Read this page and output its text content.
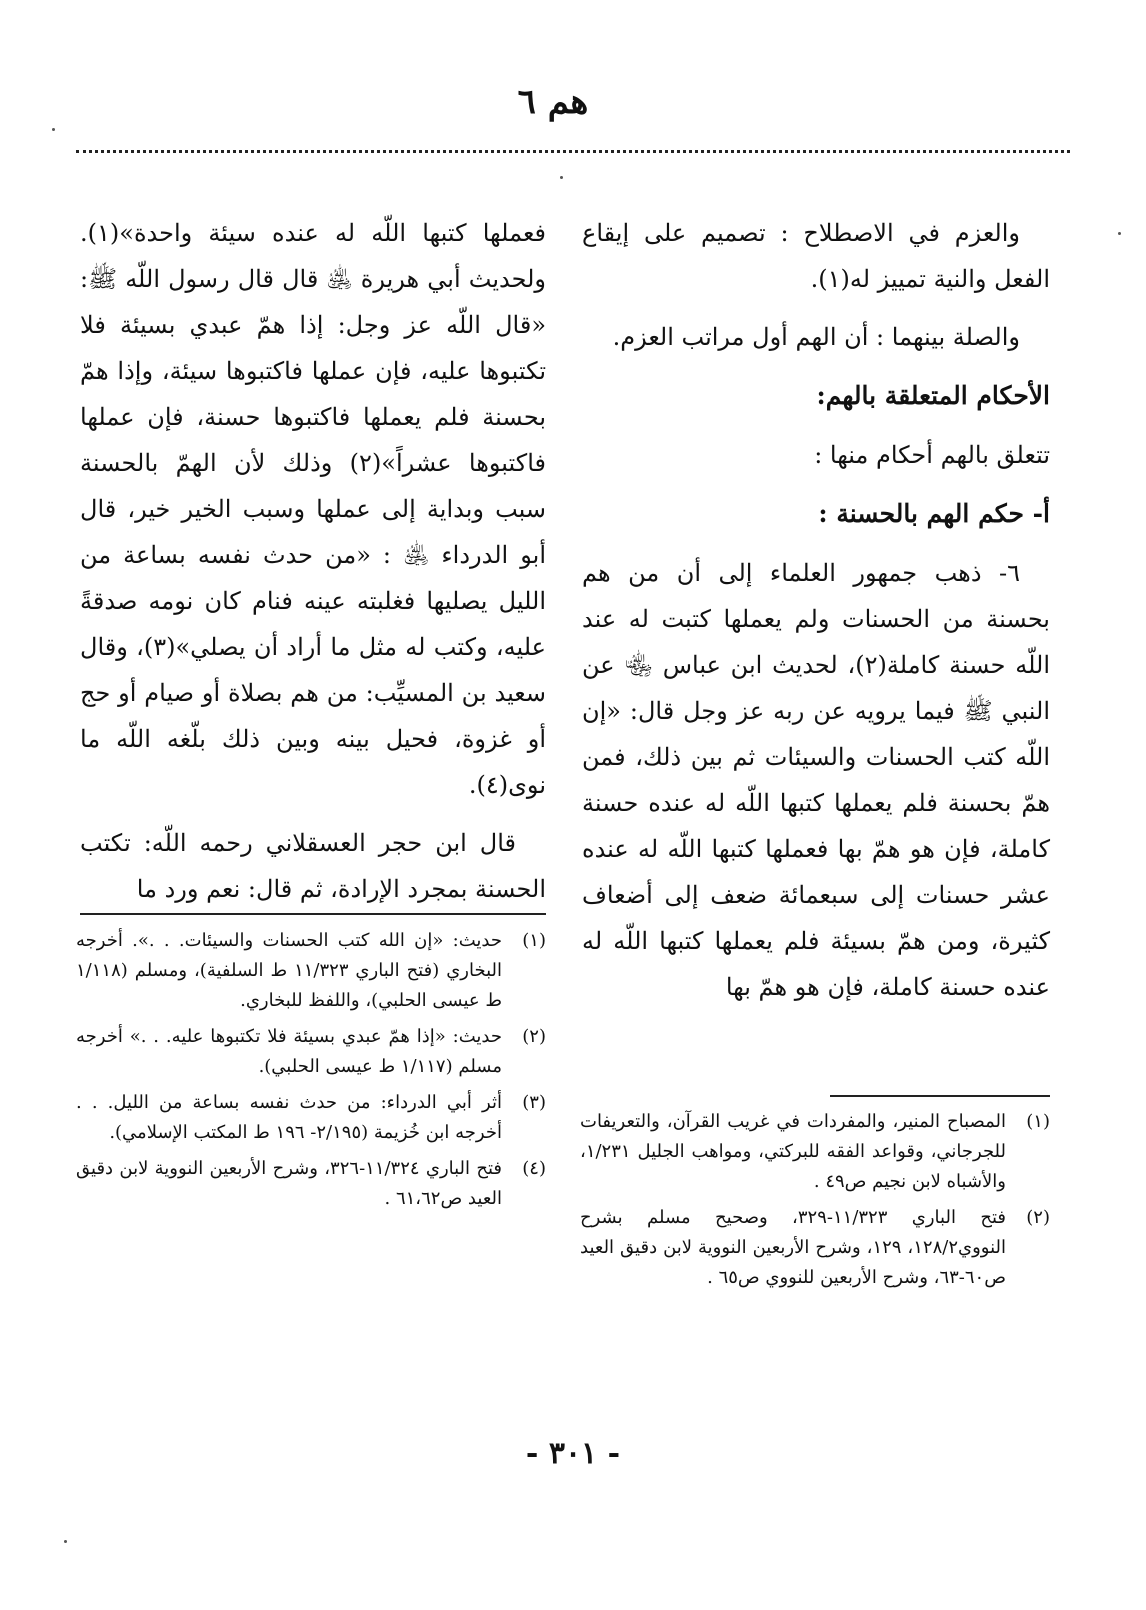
هم ٦

والعزم في الاصطلاح : تصميم على إيقاع الفعل والنية تمييز له(١).

والصلة بينهما : أن الهم أول مراتب العزم.

الأحكام المتعلقة بالهم:

تتعلق بالهم أحكام منها :

أ- حكم الهم بالحسنة :

٦- ذهب جمهور العلماء إلى أن من هم بحسنة من الحسنات ولم يعملها كتبت له عند اللّه حسنة كاملة(٢)، لحديث ابن عباس ﵄ عن النبي ﷺ فيما يرويه عن ربه عز وجل قال: «إن اللّه كتب الحسنات والسيئات ثم بين ذلك، فمن همّ بحسنة فلم يعملها كتبها اللّه له عنده حسنة كاملة، فإن هو همّ بها فعملها كتبها اللّه له عنده عشر حسنات إلى سبعمائة ضعف إلى أضعاف كثيرة، ومن همّ بسيئة فلم يعملها كتبها اللّه له عنده حسنة كاملة، فإن هو همّ بها

فعملها كتبها اللّه له عنده سيئة واحدة»(١). ولحديث أبي هريرة ﵁ قال قال رسول اللّه ﷺ: «قال اللّه عز وجل: إذا همّ عبدي بسيئة فلا تكتبوها عليه، فإن عملها فاكتبوها سيئة، وإذا همّ بحسنة فلم يعملها فاكتبوها حسنة، فإن عملها فاكتبوها عشراً»(٢) وذلك لأن الهمّ بالحسنة سبب وبداية إلى عملها وسبب الخير خير، قال أبو الدرداء ﵁ : «من حدث نفسه بساعة من الليل يصليها فغلبته عينه فنام كان نومه صدقةً عليه، وكتب له مثل ما أراد أن يصلي»(٣)، وقال سعيد بن المسيِّب: من هم بصلاة أو صيام أو حج أو غزوة، فحيل بينه وبين ذلك بلّغه اللّه ما نوى(٤).

قال ابن حجر العسقلاني رحمه اللّه: تكتب الحسنة بمجرد الإرادة، ثم قال: نعم ورد ما

(١)
المصباح المنير، والمفردات في غريب القرآن، والتعريفات للجرجاني، وقواعد الفقه للبركتي، ومواهب الجليل ١/٢٣١، والأشباه لابن نجيم ص٤٩ .
(٢)
فتح الباري ١١/٣٢٣-٣٢٩، وصحيح مسلم بشرح النووي١٢٨/٢، ١٢٩، وشرح الأربعين النووية لابن دقيق العيد ص٦٠-٦٣، وشرح الأربعين للنووي ص٦٥ .
(١)
حديث: «إن الله كتب الحسنات والسيئات. . .». أخرجه البخاري (فتح الباري ١١/٣٢٣ ط السلفية)، ومسلم (١/١١٨ ط عيسى الحلبي)، واللفظ للبخاري.
(٢)
حديث: «إذا همّ عبدي بسيئة فلا تكتبوها عليه. . .» أخرجه مسلم (١/١١٧ ط عيسى الحلبي).
(٣)
أثر أبي الدرداء: من حدث نفسه بساعة من الليل. . . أخرجه ابن خُزيمة (٢/١٩٥- ١٩٦ ط المكتب الإسلامي).
(٤)
فتح الباري ١١/٣٢٤-٣٢٦، وشرح الأربعين النووية لابن دقيق العيد ص٦١،٦٢ .
- ٣٠١ -
